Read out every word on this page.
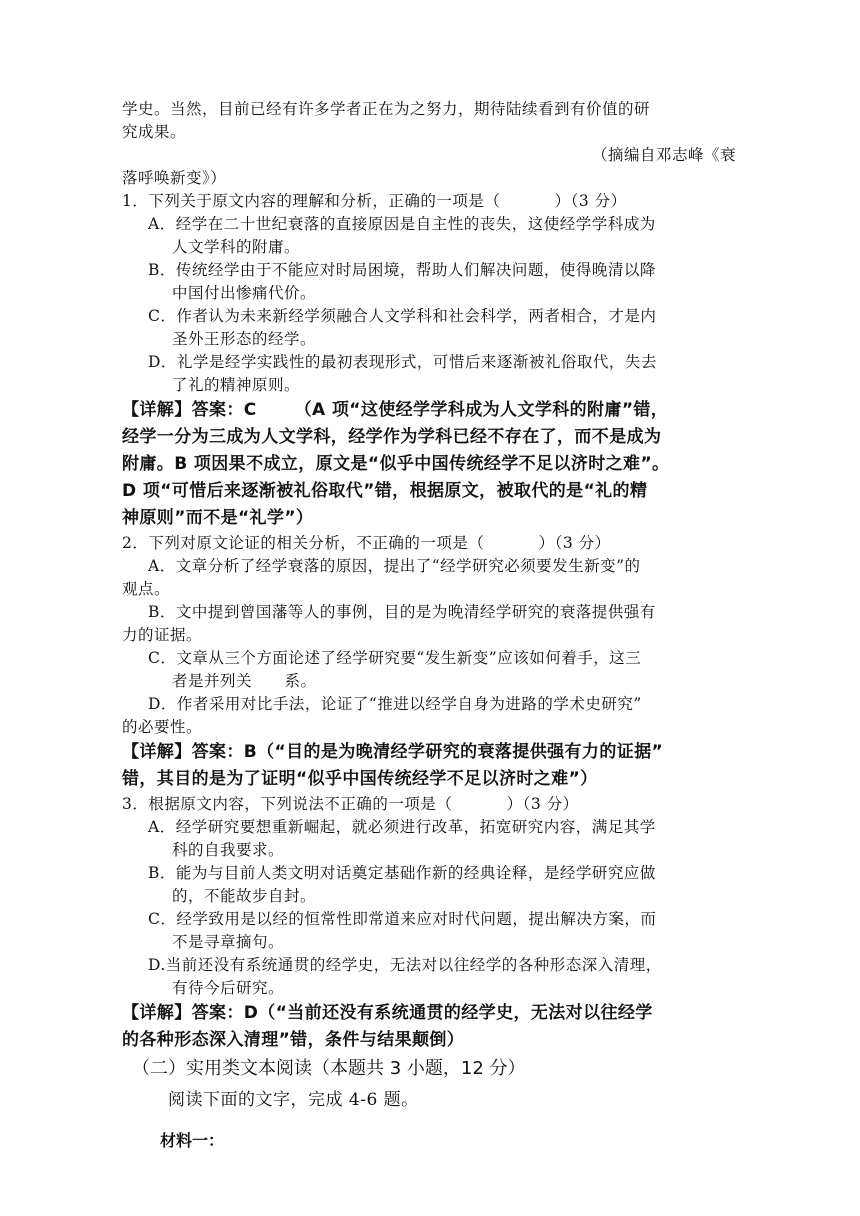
学史。当然，目前已经有许多学者正在为之努力，期待陆续看到有价值的研
究成果。
（摘编自邓志峰《衰
落呼唤新变》）
1．下列关于原文内容的理解和分析，正确的一项是（          ）（3 分）
A．经学在二十世纪衰落的直接原因是自主性的丧失，这使经学学科成为
人文学科的附庸。
B．传统经学由于不能应对时局困境，帮助人们解决问题，使得晚清以降
中国付出惨痛代价。
C．作者认为未来新经学须融合人文学科和社会科学，两者相合，才是内
圣外王形态的经学。
D．礼学是经学实践性的最初表现形式，可惜后来逐渐被礼俗取代，失去
了礼的精神原则。
【详解】答案：C      （A 项“这使经学学科成为人文学科的附庸”错，
经学一分为三成为人文学科，经学作为学科已经不存在了，而不是成为
附庸。B 项因果不成立，原文是“似乎中国传统经学不足以济时之难”。
D 项“可惜后来逐渐被礼俗取代”错，根据原文，被取代的是“礼的精
神原则”而不是“礼学”）
2．下列对原文论证的相关分析，不正确的一项是（          ）（3 分）
A．文章分析了经学衰落的原因，提出了“经学研究必须要发生新变”的
观点。
B．文中提到曾国藩等人的事例，目的是为晚清经学研究的衰落提供强有
力的证据。
C．文章从三个方面论述了经学研究要“发生新变”应该如何着手，这三
者是并列关      系。
D．作者采用对比手法，论证了“推进以经学自身为进路的学术史研究”
的必要性。
【详解】答案：B（“目的是为晚清经学研究的衰落提供强有力的证据”
错，其目的是为了证明“似乎中国传统经学不足以济时之难”）
3．根据原文内容，下列说法不正确的一项是（          ）（3 分）
A．经学研究要想重新崛起，就必须进行改革，拓宽研究内容，满足其学
科的自我要求。
B．能为与目前人类文明对话奠定基础作新的经典诠释，是经学研究应做
的，不能故步自封。
C．经学致用是以经的恒常性即常道来应对时代问题，提出解决方案，而
不是寻章摘句。
D.当前还没有系统通贯的经学史，无法对以往经学的各种形态深入清理，
有待今后研究。
【详解】答案：D（“当前还没有系统通贯的经学史，无法对以往经学
的各种形态深入清理”错，条件与结果颠倒）
（二）实用类文本阅读（本题共 3 小题，12 分）
阅读下面的文字，完成 4-6 题。
材料一：
